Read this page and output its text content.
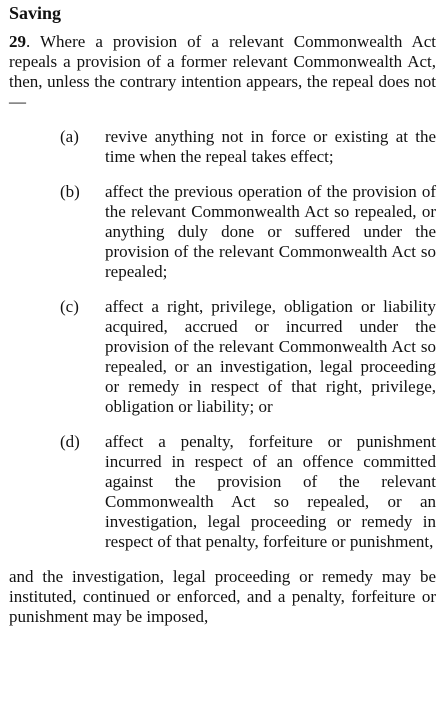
Saving

29. Where a provision of a relevant Commonwealth Act repeals a provision of a former relevant Commonwealth Act, then, unless the contrary intention appears, the repeal does not—

(a)	revive anything not in force or existing at the time when the repeal takes effect;
(b)	affect the previous operation of the provision of the relevant Commonwealth Act so repealed, or anything duly done or suffered under the provision of the relevant Commonwealth Act so repealed;
(c)	affect a right, privilege, obligation or liability acquired, accrued or incurred under the provision of the relevant Commonwealth Act so repealed, or an investigation, legal proceeding or remedy in respect of that right, privilege, obligation or liability; or
(d)	affect a penalty, forfeiture or punishment incurred in respect of an offence committed against the provision of the relevant Commonwealth Act so repealed, or an investigation, legal proceeding or remedy in respect of that penalty, forfeiture or punishment,

and the investigation, legal proceeding or remedy may be instituted, continued or enforced, and a penalty, forfeiture or punishment may be imposed,
